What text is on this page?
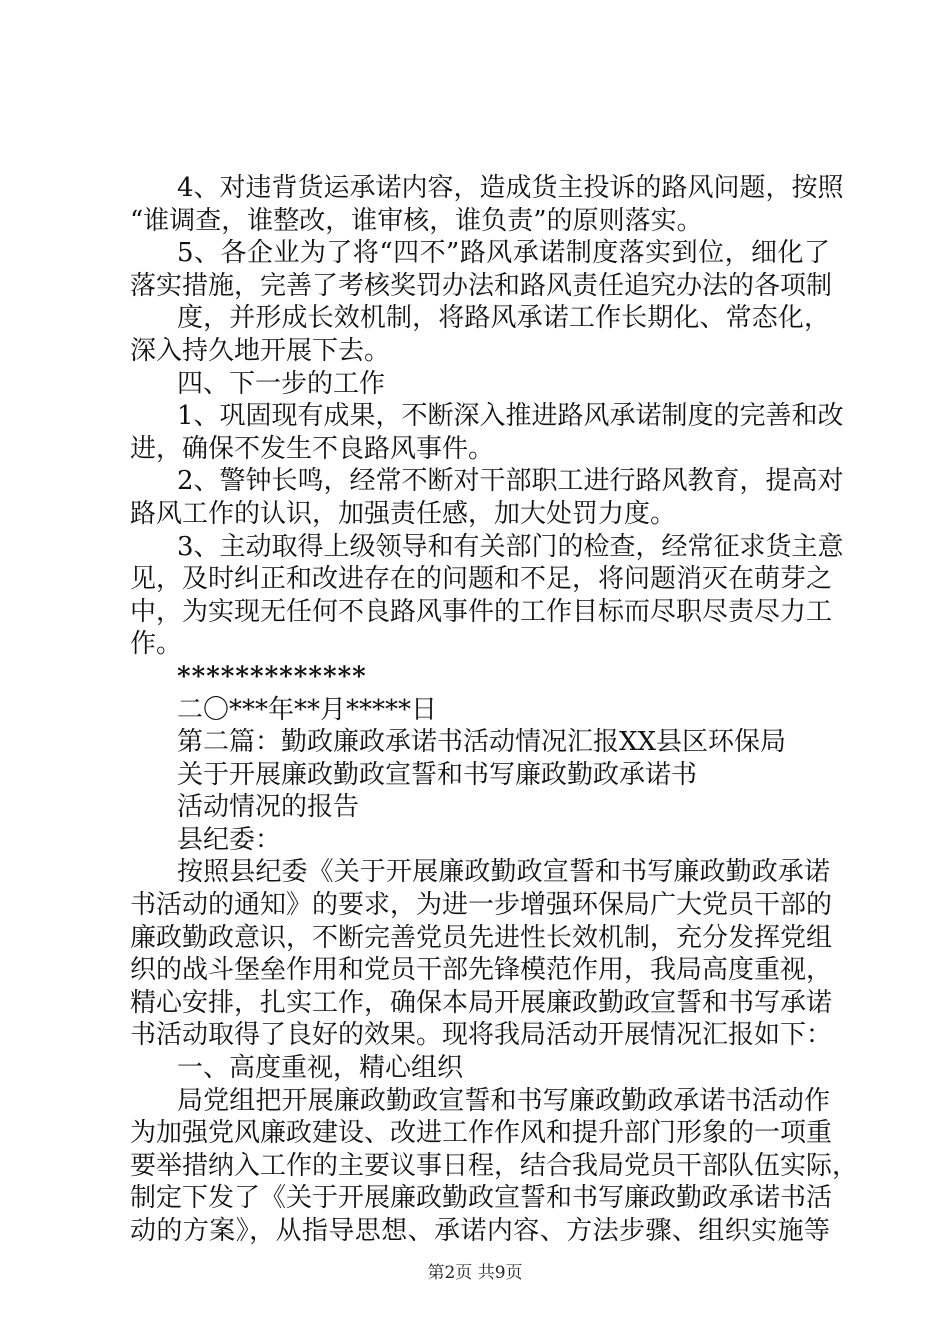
4、对违背货运承诺内容，造成货主投诉的路风问题，按照
“谁调查，谁整改，谁审核，谁负责”的原则落实。
5、各企业为了将“四不”路风承诺制度落实到位，细化了
落实措施，完善了考核奖罚办法和路风责任追究办法的各项制
度，并形成长效机制，将路风承诺工作长期化、常态化，
深入持久地开展下去。
四、下一步的工作
1、巩固现有成果，不断深入推进路风承诺制度的完善和改
进，确保不发生不良路风事件。
2、警钟长鸣，经常不断对干部职工进行路风教育，提高对
路风工作的认识，加强责任感，加大处罚力度。
3、主动取得上级领导和有关部门的检查，经常征求货主意
见，及时纠正和改进存在的问题和不足，将问题消灭在萌芽之
中，为实现无任何不良路风事件的工作目标而尽职尽责尽力工
作。
*************
二〇***年**月*****日
第二篇：勤政廉政承诺书活动情况汇报XX县区环保局
关于开展廉政勤政宣誓和书写廉政勤政承诺书
活动情况的报告
县纪委：
按照县纪委《关于开展廉政勤政宣誓和书写廉政勤政承诺
书活动的通知》的要求，为进一步增强环保局广大党员干部的
廉政勤政意识，不断完善党员先进性长效机制，充分发挥党组
织的战斗堡垒作用和党员干部先锋模范作用，我局高度重视，
精心安排，扎实工作，确保本局开展廉政勤政宣誓和书写承诺
书活动取得了良好的效果。现将我局活动开展情况汇报如下：
一、高度重视，精心组织
局党组把开展廉政勤政宣誓和书写廉政勤政承诺书活动作
为加强党风廉政建设、改进工作作风和提升部门形象的一项重
要举措纳入工作的主要议事日程，结合我局党员干部队伍实际，
制定下发了《关于开展廉政勤政宣誓和书写廉政勤政承诺书活
动的方案》，从指导思想、承诺内容、方法步骤、组织实施等
第2页 共9页
